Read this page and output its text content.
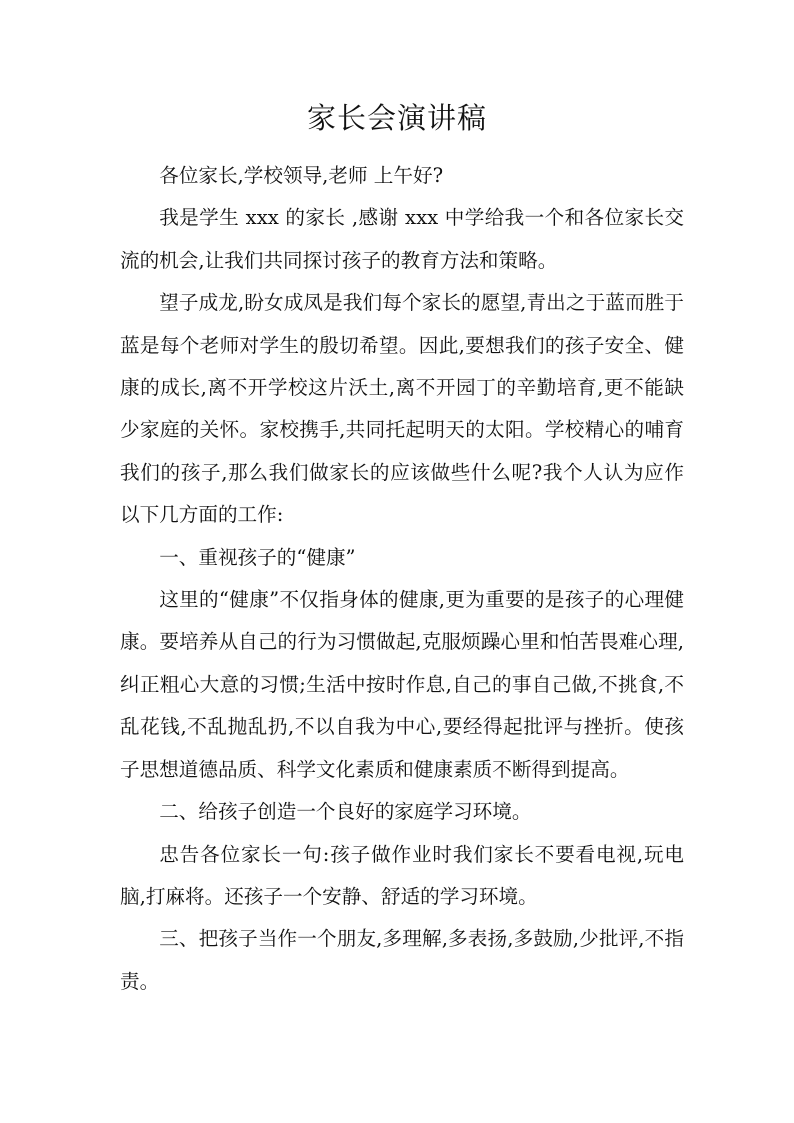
家长会演讲稿

各位家长,学校领导,老师 上午好?

我是学生 xxx 的家长 ,感谢 xxx 中学给我一个和各位家长交流的机会,让我们共同探讨孩子的教育方法和策略。

望子成龙,盼女成凤是我们每个家长的愿望,青出之于蓝而胜于蓝是每个老师对学生的殷切希望。因此,要想我们的孩子安全、健康的成长,离不开学校这片沃土,离不开园丁的辛勤培育,更不能缺少家庭的关怀。家校携手,共同托起明天的太阳。学校精心的哺育我们的孩子,那么我们做家长的应该做些什么呢?我个人认为应作以下几方面的工作:

一、重视孩子的“健康”

这里的“健康”不仅指身体的健康,更为重要的是孩子的心理健康。要培养从自己的行为习惯做起,克服烦躁心里和怕苦畏难心理,纠正粗心大意的习惯;生活中按时作息,自己的事自己做,不挑食,不乱花钱,不乱抛乱扔,不以自我为中心,要经得起批评与挫折。使孩子思想道德品质、科学文化素质和健康素质不断得到提高。

二、给孩子创造一个良好的家庭学习环境。

忠告各位家长一句:孩子做作业时我们家长不要看电视,玩电脑,打麻将。还孩子一个安静、舒适的学习环境。

三、把孩子当作一个朋友,多理解,多表扬,多鼓励,少批评,不指责。
